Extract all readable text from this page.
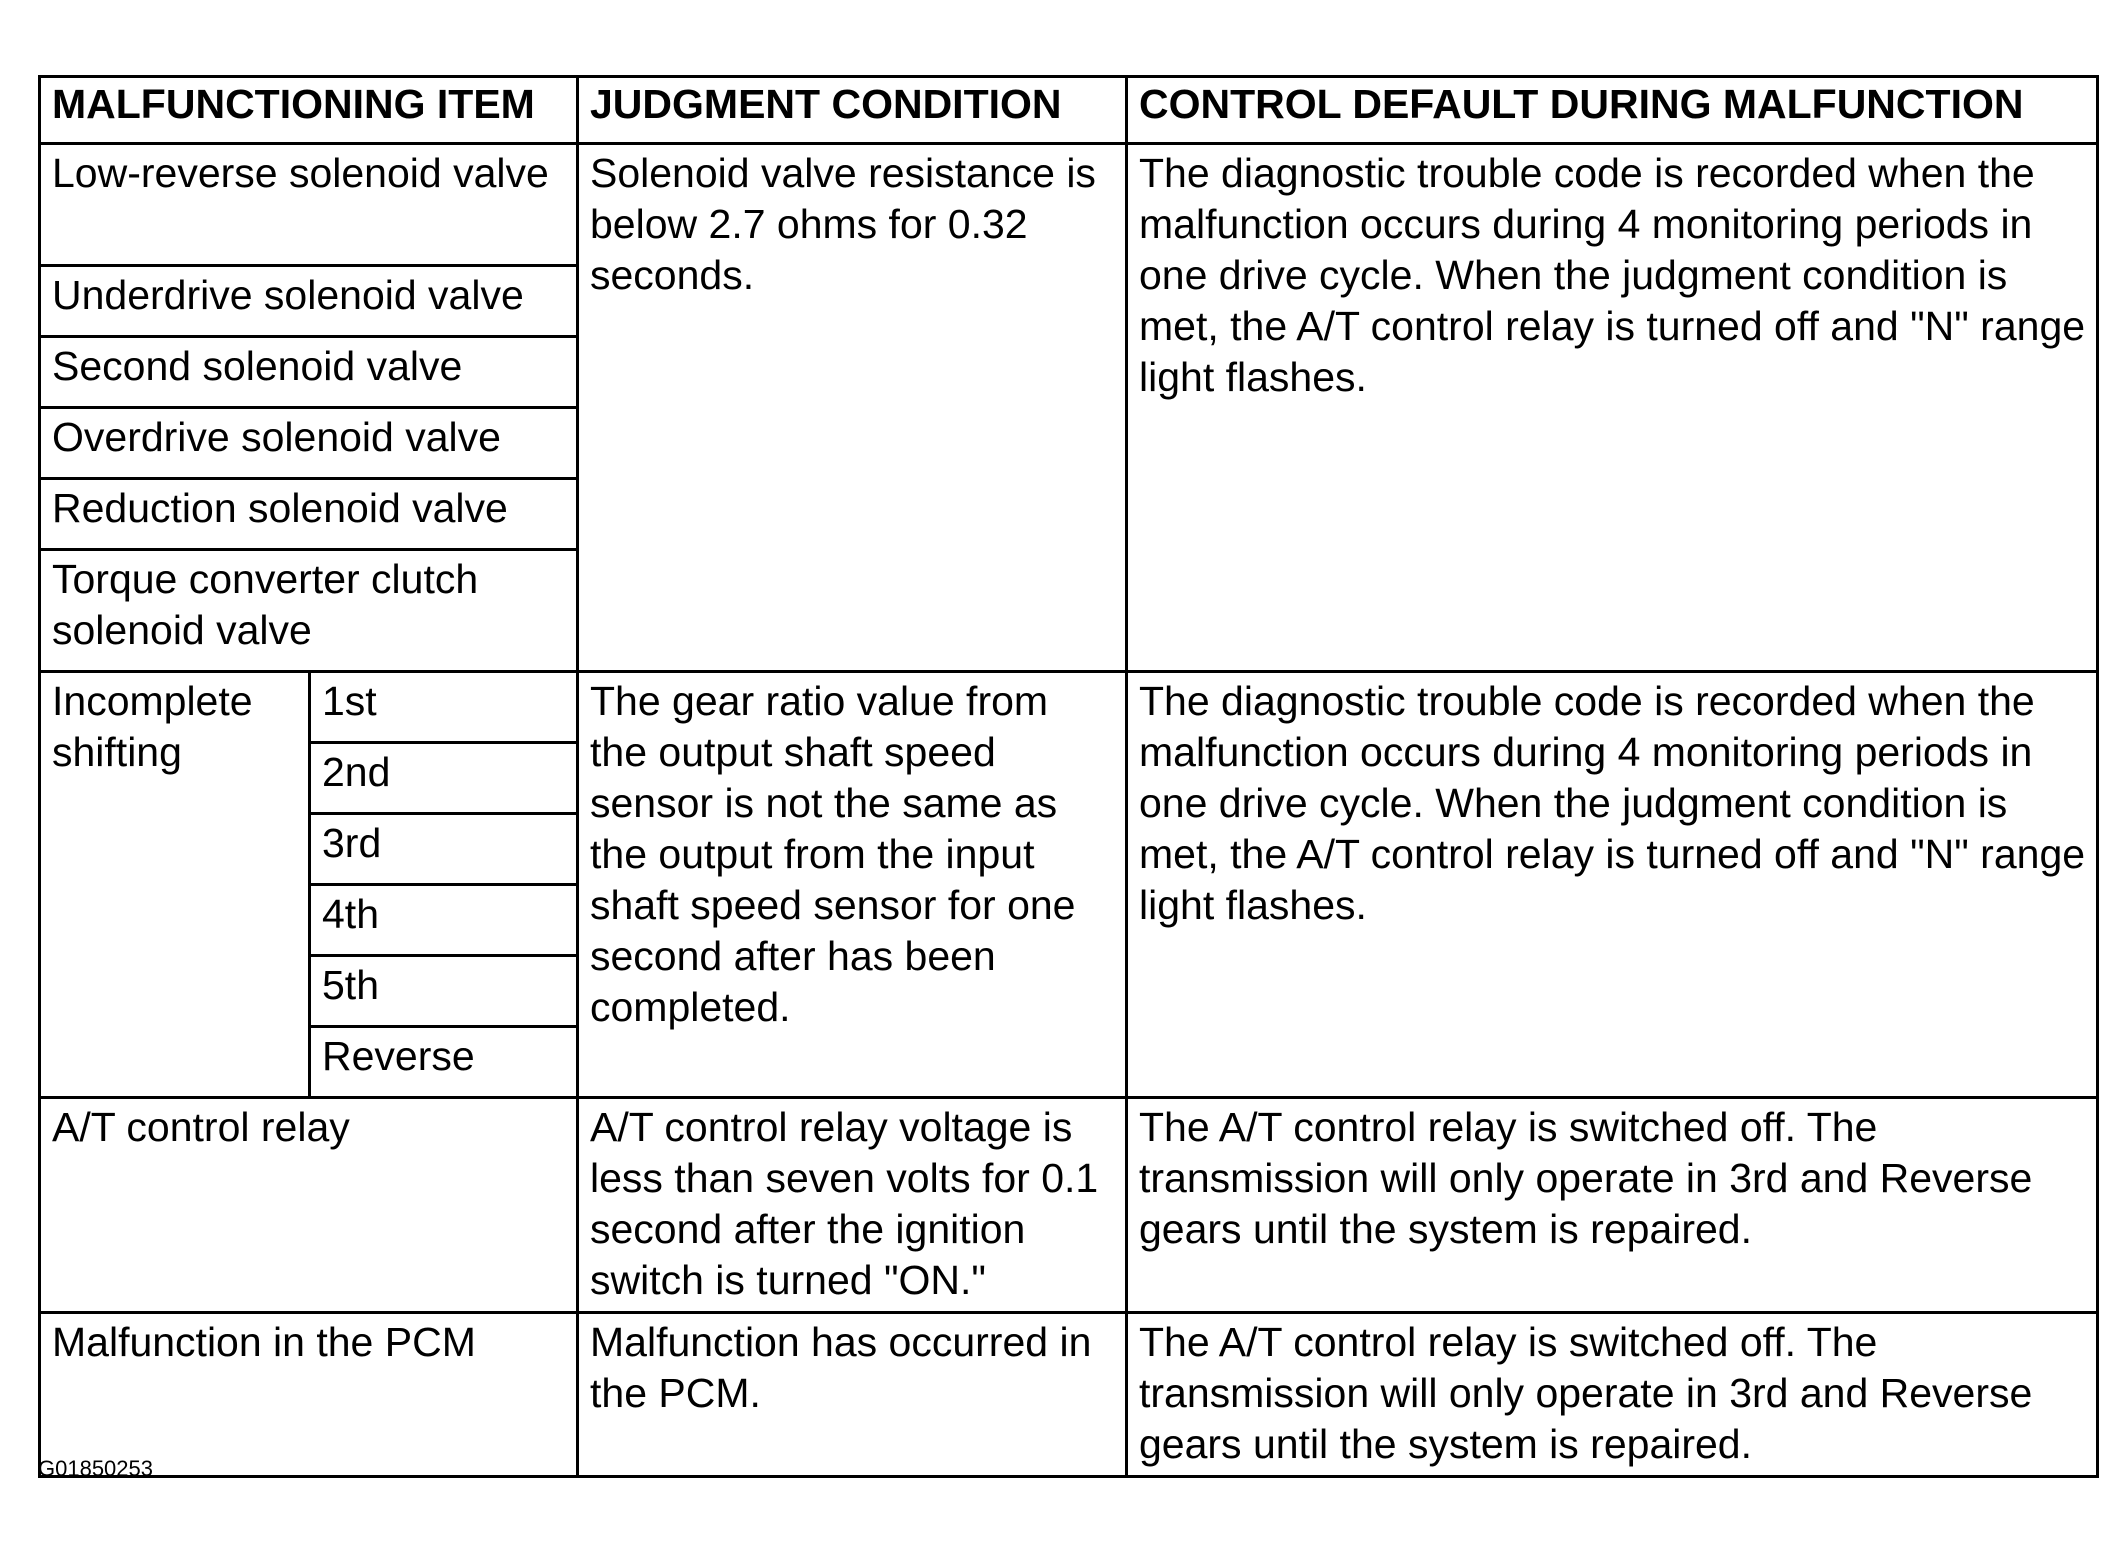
MALFUNCTIONING ITEM		JUDGMENT CONDITION	CONTROL DEFAULT DURING MALFUNCTION
Low-reverse solenoid valve		Solenoid valve resistance is below 2.7 ohms for 0.32 seconds.	The diagnostic trouble code is recorded when the malfunction occurs during 4 monitoring periods in one drive cycle. When the judgment condition is met, the A/T control relay is turned off and "N" range light flashes.
Underdrive solenoid valve			
Second solenoid valve			
Overdrive solenoid valve			
Reduction solenoid valve			
Torque converter clutch solenoid valve			
Incomplete shifting	1st	The gear ratio value from the output shaft speed sensor is not the same as the output from the input shaft speed sensor for one second after has been completed.	The diagnostic trouble code is recorded when the malfunction occurs during 4 monitoring periods in one drive cycle. When the judgment condition is met, the A/T control relay is turned off and "N" range light flashes.
	2nd		
	3rd		
	4th		
	5th		
	Reverse		
A/T control relay		A/T control relay voltage is less than seven volts for 0.1 second after the ignition switch is turned "ON."	The A/T control relay is switched off. The transmission will only operate in 3rd and Reverse gears until the system is repaired.
Malfunction in the PCM		Malfunction has occurred in the PCM.	The A/T control relay is switched off. The transmission will only operate in 3rd and Reverse gears until the system is repaired.
G01850253
